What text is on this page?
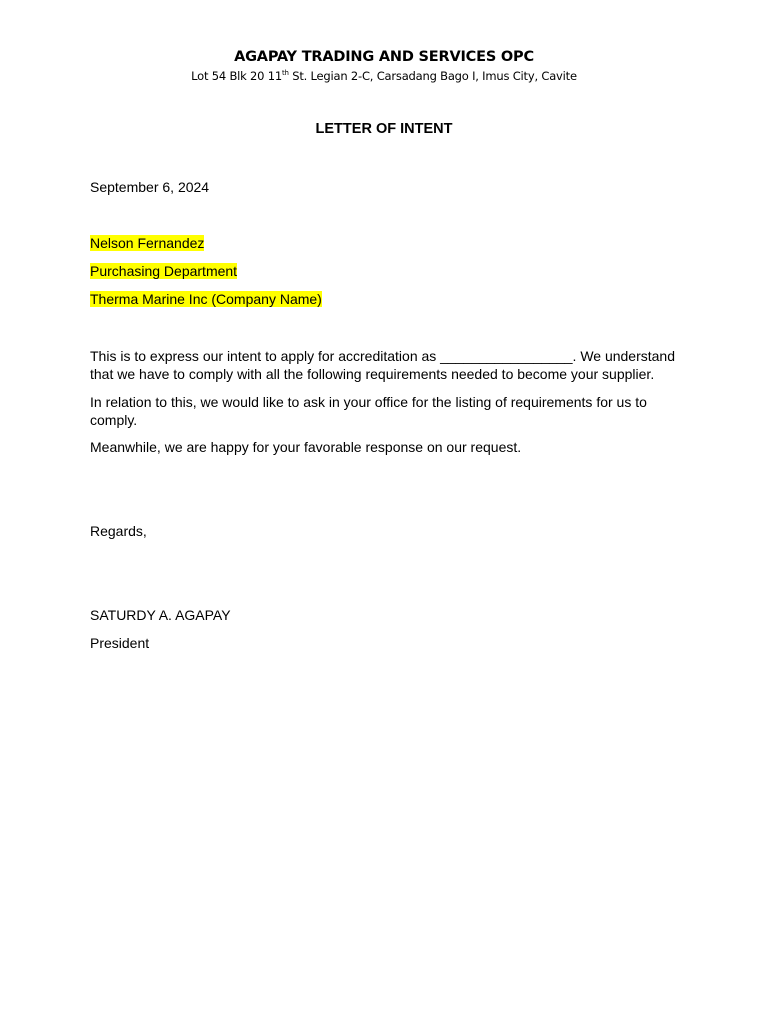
AGAPAY TRADING AND SERVICES OPC
Lot 54 Blk 20 11th St. Legian 2-C, Carsadang Bago I, Imus City, Cavite
LETTER OF INTENT
September 6, 2024
Nelson Fernandez
Purchasing Department
Therma Marine Inc (Company Name)
This is to express our intent to apply for accreditation as _________________. We understand
that we have to comply with all the following requirements needed to become your supplier.
In relation to this, we would like to ask in your office for the listing of requirements for us to
comply.
Meanwhile, we are happy for your favorable response on our request.
Regards,
SATURDY A. AGAPAY
President
